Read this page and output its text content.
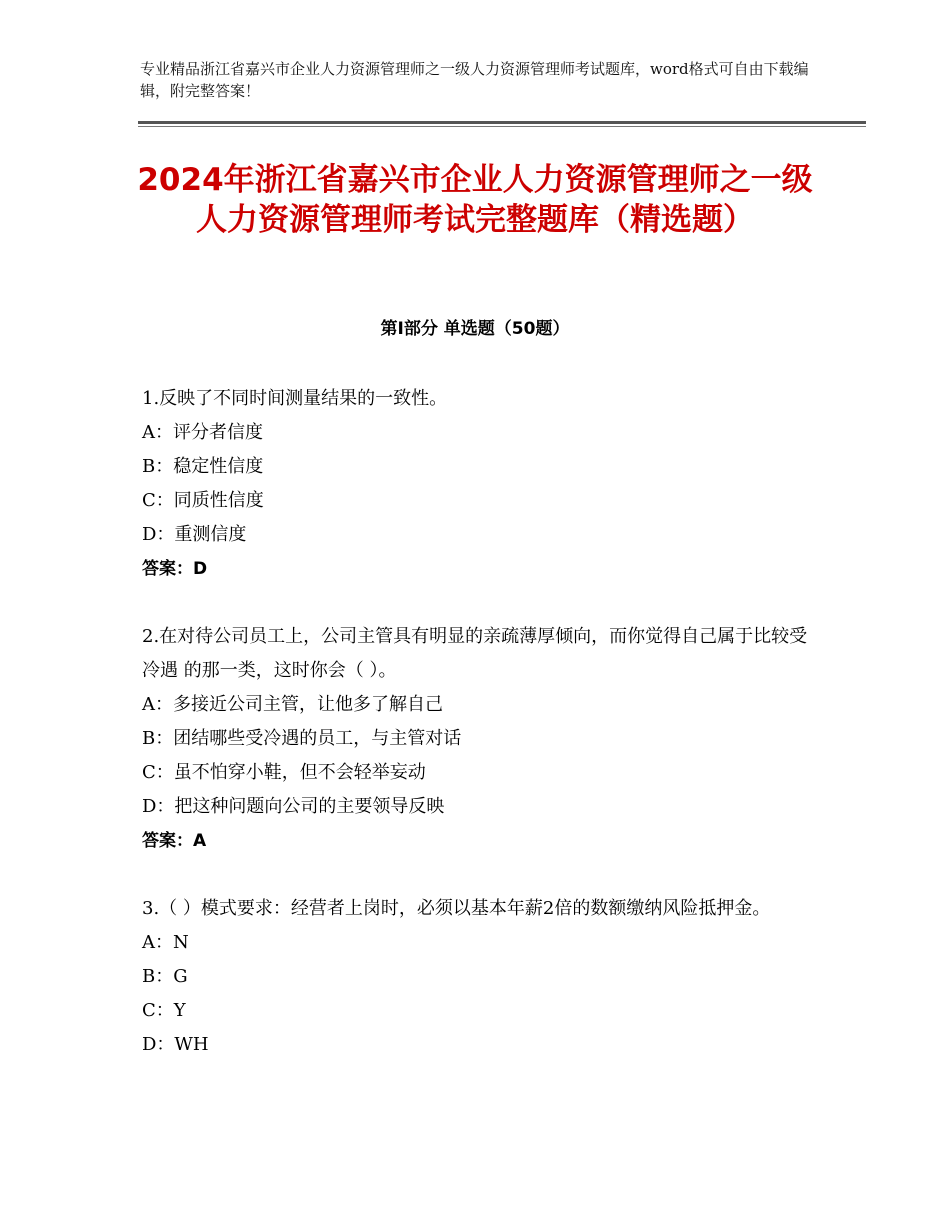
专业精品浙江省嘉兴市企业人力资源管理师之一级人力资源管理师考试题库，word格式可自由下载编辑，附完整答案！
2024年浙江省嘉兴市企业人力资源管理师之一级人力资源管理师考试完整题库（精选题）
第Ⅰ部分 单选题（50题）

1.反映了不同时间测量结果的一致性。

A：评分者信度

B：稳定性信度

C：同质性信度

D：重测信度

答案：D

2.在对待公司员工上，公司主管具有明显的亲疏薄厚倾向，而你觉得自己属于比较受冷遇 的那一类，这时你会（ ）。

A：多接近公司主管，让他多了解自己

B：团结哪些受冷遇的员工，与主管对话

C：虽不怕穿小鞋，但不会轻举妄动

D：把这种问题向公司的主要领导反映

答案：A

3.（ ）模式要求：经营者上岗时，必须以基本年薪2倍的数额缴纳风险抵押金。

A：N

B：G

C：Y

D：WH
